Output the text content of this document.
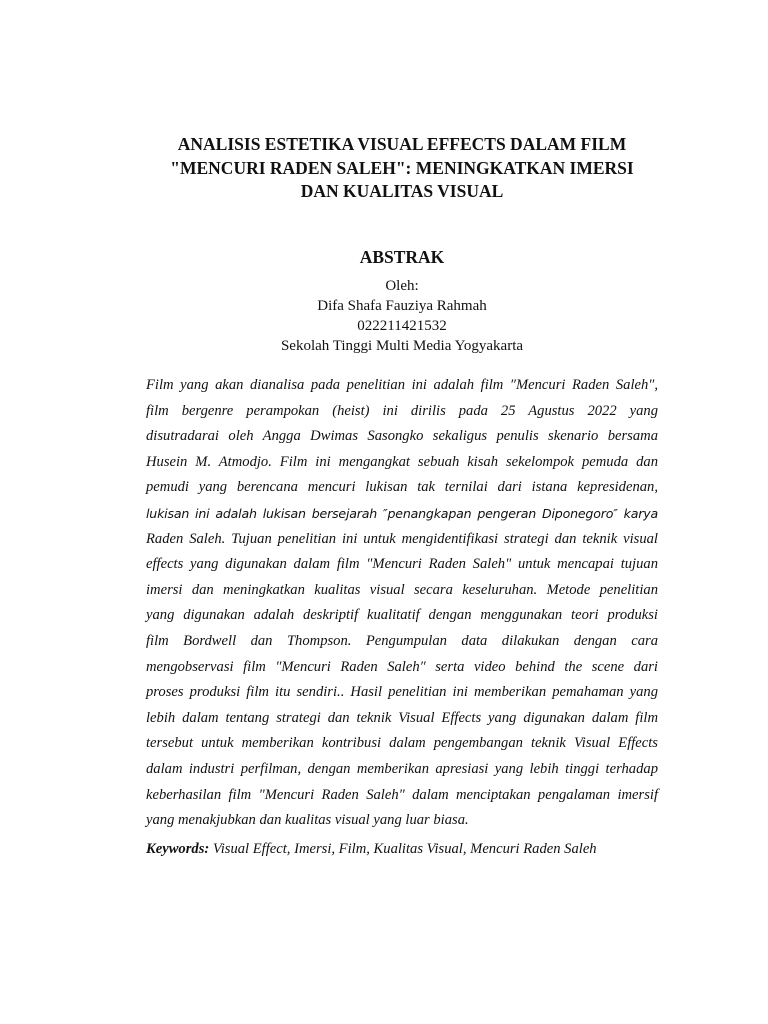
ANALISIS ESTETIKA VISUAL EFFECTS DALAM FILM
"MENCURI RADEN SALEH": MENINGKATKAN IMERSI
DAN KUALITAS VISUAL
ABSTRAK
Oleh:
Difa Shafa Fauziya Rahmah
022211421532
Sekolah Tinggi Multi Media Yogyakarta
Film yang akan dianalisa pada penelitian ini adalah film ″Mencuri Raden Saleh″,
film bergenre perampokan (heist) ini dirilis pada 25 Agustus 2022 yang
disutradarai oleh Angga Dwimas Sasongko sekaligus penulis skenario bersama
Husein M. Atmodjo. Film ini mengangkat sebuah kisah sekelompok pemuda dan
pemudi yang berencana mencuri lukisan tak ternilai dari istana kepresidenan,
lukisan ini adalah lukisan bersejarah ″penangkapan pengeran Diponegoro″ karya
Raden Saleh. Tujuan penelitian ini untuk mengidentifikasi strategi dan teknik visual
effects yang digunakan dalam film "Mencuri Raden Saleh" untuk mencapai tujuan
imersi dan meningkatkan kualitas visual secara keseluruhan. Metode penelitian
yang digunakan adalah deskriptif kualitatif dengan menggunakan teori produksi
film Bordwell dan Thompson. Pengumpulan data dilakukan dengan cara
mengobservasi film ″Mencuri Raden Saleh″ serta video behind the scene dari
proses produksi film itu sendiri.. Hasil penelitian ini memberikan pemahaman yang
lebih dalam tentang strategi dan teknik Visual Effects yang digunakan dalam film
tersebut untuk memberikan kontribusi dalam pengembangan teknik Visual Effects
dalam industri perfilman, dengan memberikan apresiasi yang lebih tinggi terhadap
keberhasilan film "Mencuri Raden Saleh" dalam menciptakan pengalaman imersif
yang menakjubkan dan kualitas visual yang luar biasa.
Keywords: Visual Effect, Imersi, Film, Kualitas Visual, Mencuri Raden Saleh
